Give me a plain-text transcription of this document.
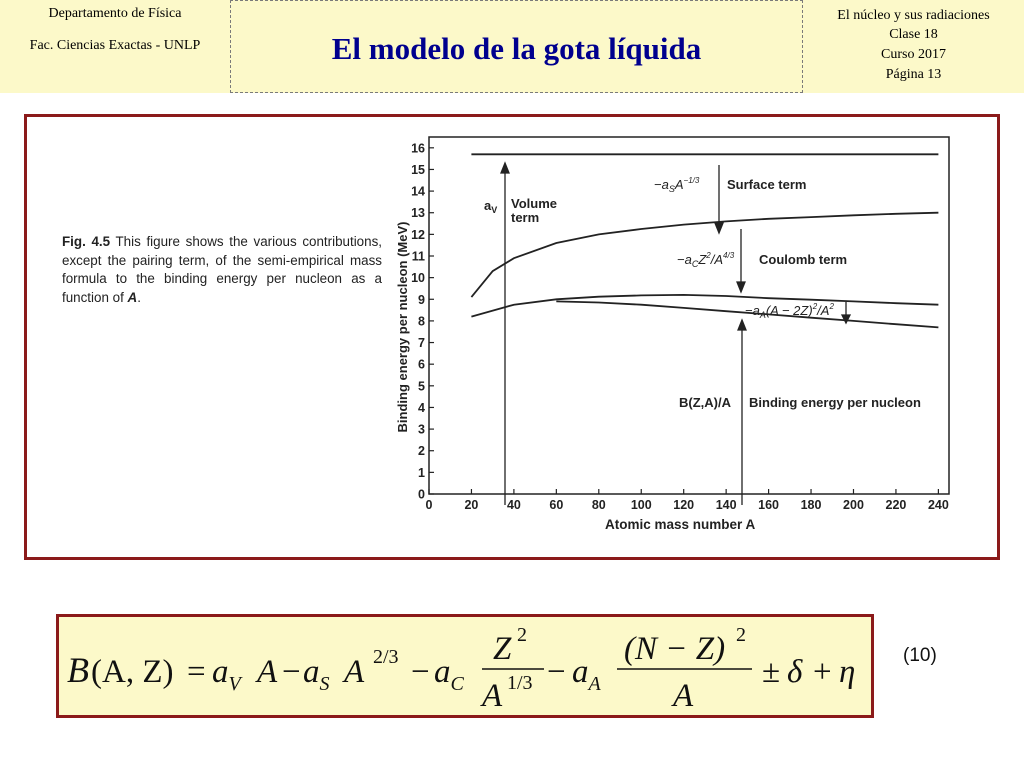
Departamento de Física
Fac. Ciencias Exactas - UNLP	El modelo de la gota líquida
El núcleo y sus radiaciones
Clase 18
Curso 2017
Página 13
Fig. 4.5 This figure shows the various contributions, except the pairing term, of the semi-empirical mass formula to the binding energy per nucleon as a function of A.
0	20 40 60 80 100 120 140 160 180 200 220 240
0
1
2
3
4
5
6
7
8
9
10
11
12
13
14
15
16
Binding energy per nucleon (MeV)
Atomic mass number A
$a_V$ Volume
term
$-a_SA^{-1/3}$ Surface term
$-a_CZ^2/A^{4/3}$ Coulomb term
$-a_A(A - 2Z)^2/A^2$
B(Z,A)/A Binding energy per nucleon
B (A, $Z) = a_V$ $A - a_S$ A $2/3 - a_C$
Z 2
A $1/3 - a_A$
(N − Z) 2
A
± δ + η	(10)
